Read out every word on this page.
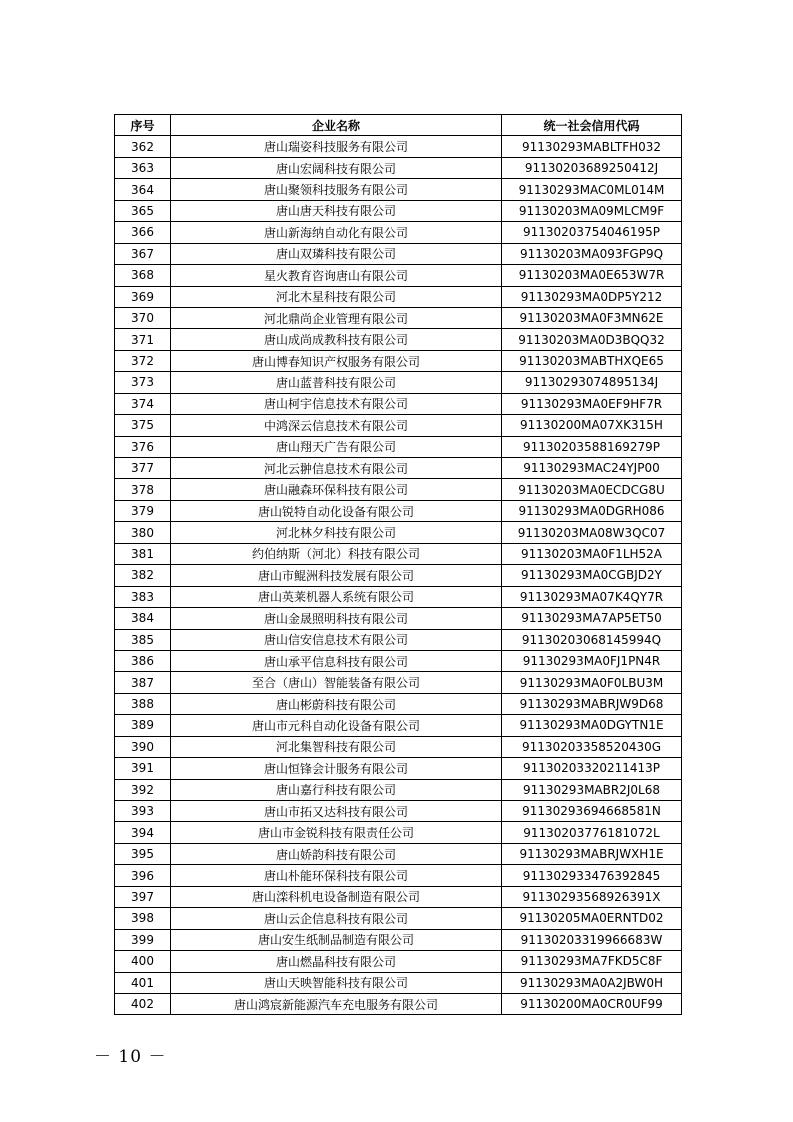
序号	企业名称	统一社会信用代码
362	唐山瑞姿科技服务有限公司	91130293MABLTFH032
363	唐山宏阔科技有限公司	91130203689250412J
364	唐山聚领科技服务有限公司	91130293MAC0ML014M
365	唐山唐天科技有限公司	91130203MA09MLCM9F
366	唐山新海纳自动化有限公司	91130203754046195P
367	唐山双璘科技有限公司	91130203MA093FGP9Q
368	星火教育咨询唐山有限公司	91130203MA0E653W7R
369	河北木星科技有限公司	91130293MA0DP5Y212
370	河北鼎尚企业管理有限公司	91130203MA0F3MN62E
371	唐山成尚成教科技有限公司	91130203MA0D3BQQ32
372	唐山博春知识产权服务有限公司	91130203MABTHXQE65
373	唐山蓝普科技有限公司	91130293074895134J
374	唐山柯宇信息技术有限公司	91130293MA0EF9HF7R
375	中鸿深云信息技术有限公司	91130200MA07XK315H
376	唐山翔天广告有限公司	91130203588169279P
377	河北云翀信息技术有限公司	91130293MAC24YJP00
378	唐山融森环保科技有限公司	91130203MA0ECDCG8U
379	唐山锐特自动化设备有限公司	91130293MA0DGRH086
380	河北林夕科技有限公司	91130203MA08W3QC07
381	约伯纳斯（河北）科技有限公司	91130203MA0F1LH52A
382	唐山市鲲洲科技发展有限公司	91130293MA0CGBJD2Y
383	唐山英莱机器人系统有限公司	91130293MA07K4QY7R
384	唐山金晟照明科技有限公司	91130293MA7AP5ET50
385	唐山信安信息技术有限公司	91130203068145994Q
386	唐山承平信息科技有限公司	91130293MA0FJ1PN4R
387	至合（唐山）智能装备有限公司	91130293MA0F0LBU3M
388	唐山彬蔚科技有限公司	91130293MABRJW9D68
389	唐山市元科自动化设备有限公司	91130293MA0DGYTN1E
390	河北集智科技有限公司	91130203358520430G
391	唐山恒锋会计服务有限公司	91130203320211413P
392	唐山嘉行科技有限公司	91130293MABR2J0L68
393	唐山市拓又达科技有限公司	91130293694668581N
394	唐山市金锐科技有限责任公司	91130203776181072L
395	唐山娇韵科技有限公司	91130293MABRJWXH1E
396	唐山朴能环保科技有限公司	911302933476392845
397	唐山滦科机电设备制造有限公司	91130293568926391X
398	唐山云企信息科技有限公司	91130205MA0ERNTD02
399	唐山安生纸制品制造有限公司	91130203319966683W
400	唐山燃晶科技有限公司	91130293MA7FKD5C8F
401	唐山天映智能科技有限公司	91130293MA0A2JBW0H
402	唐山鸿宸新能源汽车充电服务有限公司	91130200MA0CR0UF99
－ 10 －
